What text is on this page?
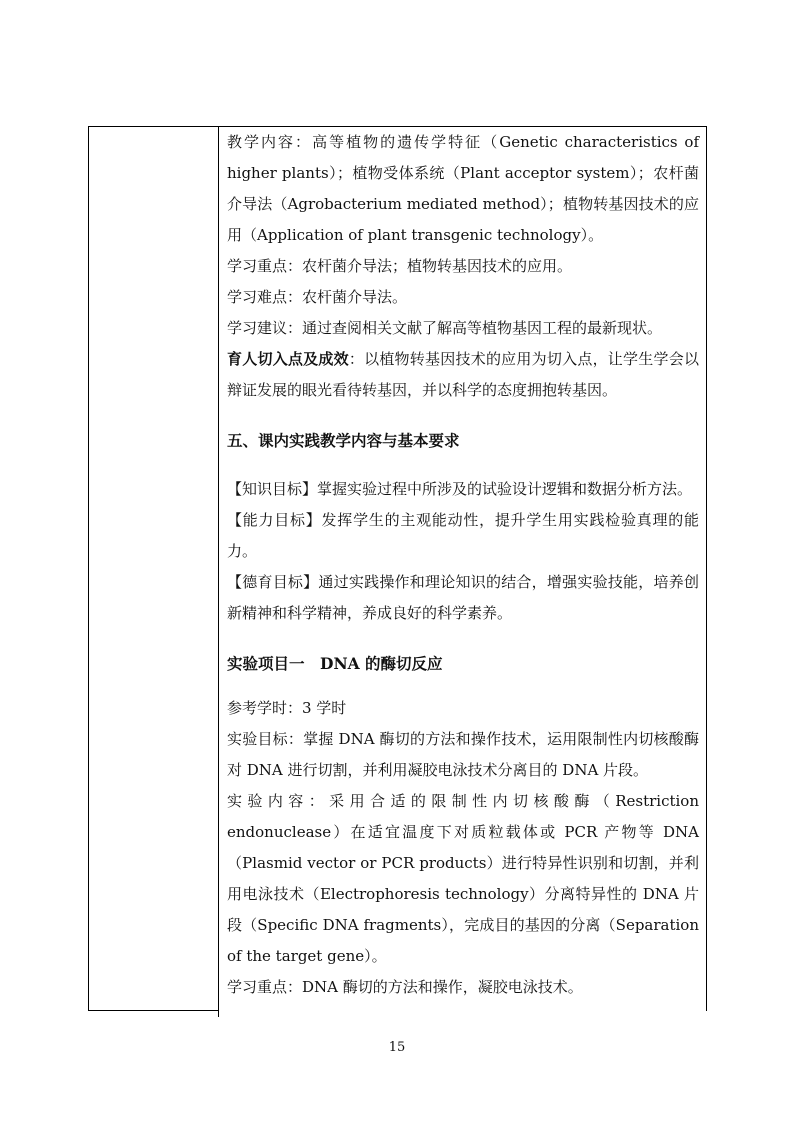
教学内容：高等植物的遗传学特征（Genetic characteristics of higher plants）；植物受体系统（Plant acceptor system）；农杆菌介导法（Agrobacterium mediated method）；植物转基因技术的应用（Application of plant transgenic technology）。

学习重点：农杆菌介导法；植物转基因技术的应用。

学习难点：农杆菌介导法。

学习建议：通过查阅相关文献了解高等植物基因工程的最新现状。

育人切入点及成效：以植物转基因技术的应用为切入点，让学生学会以辩证发展的眼光看待转基因，并以科学的态度拥抱转基因。

五、课内实践教学内容与基本要求

【知识目标】掌握实验过程中所涉及的试验设计逻辑和数据分析方法。

【能力目标】发挥学生的主观能动性，提升学生用实践检验真理的能力。

【德育目标】通过实践操作和理论知识的结合，增强实验技能，培养创新精神和科学精神，养成良好的科学素养。

实验项目一　DNA 的酶切反应

参考学时：3 学时

实验目标：掌握 DNA 酶切的方法和操作技术，运用限制性内切核酸酶对 DNA 进行切割，并利用凝胶电泳技术分离目的 DNA 片段。

实验内容：采用合适的限制性内切核酸酶（Restriction endonuclease）在适宜温度下对质粒载体或 PCR 产物等 DNA（Plasmid vector or PCR products）进行特异性识别和切割，并利用电泳技术（Electrophoresis technology）分离特异性的 DNA 片段（Specific DNA fragments），完成目的基因的分离（Separation of the target gene）。

学习重点：DNA 酶切的方法和操作，凝胶电泳技术。

15
